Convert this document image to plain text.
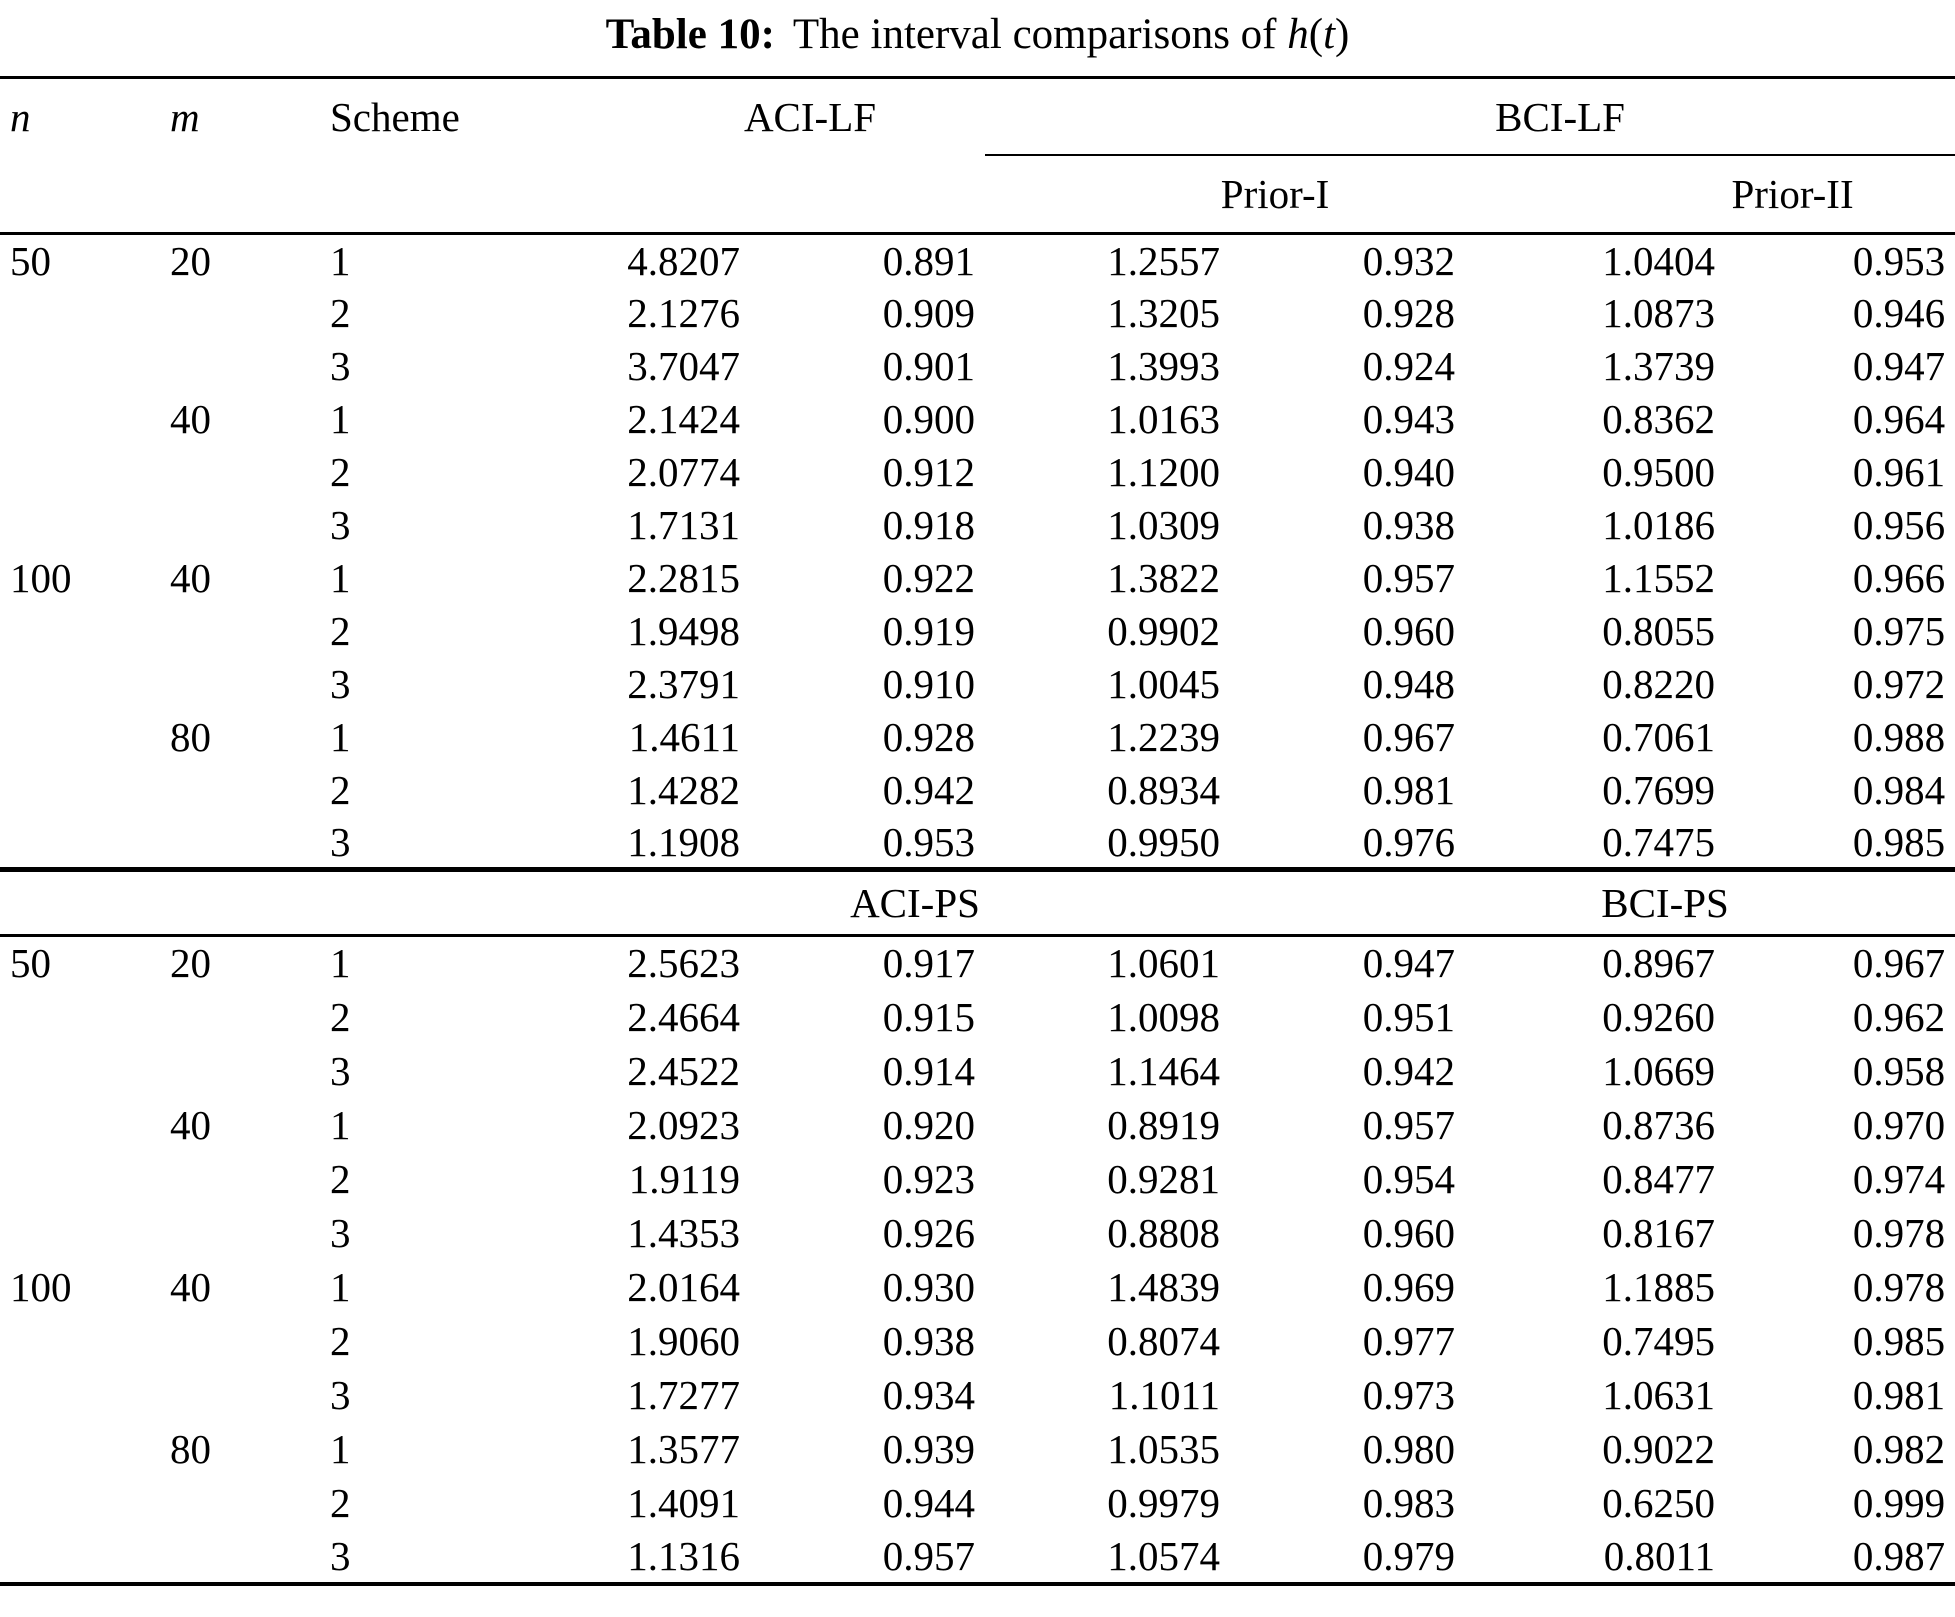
Table 10: The interval comparisons of h(t)
n	m	Scheme	ACI-LF		BCI-LF			
					Prior-I		Prior-II	
50	20	1	4.8207	0.891	1.2557	0.932	1.0404	0.953
		2	2.1276	0.909	1.3205	0.928	1.0873	0.946
		3	3.7047	0.901	1.3993	0.924	1.3739	0.947
	40	1	2.1424	0.900	1.0163	0.943	0.8362	0.964
		2	2.0774	0.912	1.1200	0.940	0.9500	0.961
		3	1.7131	0.918	1.0309	0.938	1.0186	0.956
100	40	1	2.2815	0.922	1.3822	0.957	1.1552	0.966
		2	1.9498	0.919	0.9902	0.960	0.8055	0.975
		3	2.3791	0.910	1.0045	0.948	0.8220	0.972
	80	1	1.4611	0.928	1.2239	0.967	0.7061	0.988
		2	1.4282	0.942	0.8934	0.981	0.7699	0.984
		3	1.1908	0.953	0.9950	0.976	0.7475	0.985
			ACI-PS		BCI-PS			
50	20	1	2.5623	0.917	1.0601	0.947	0.8967	0.967
		2	2.4664	0.915	1.0098	0.951	0.9260	0.962
		3	2.4522	0.914	1.1464	0.942	1.0669	0.958
	40	1	2.0923	0.920	0.8919	0.957	0.8736	0.970
		2	1.9119	0.923	0.9281	0.954	0.8477	0.974
		3	1.4353	0.926	0.8808	0.960	0.8167	0.978
100	40	1	2.0164	0.930	1.4839	0.969	1.1885	0.978
		2	1.9060	0.938	0.8074	0.977	0.7495	0.985
		3	1.7277	0.934	1.1011	0.973	1.0631	0.981
	80	1	1.3577	0.939	1.0535	0.980	0.9022	0.982
		2	1.4091	0.944	0.9979	0.983	0.6250	0.999
		3	1.1316	0.957	1.0574	0.979	0.8011	0.987
